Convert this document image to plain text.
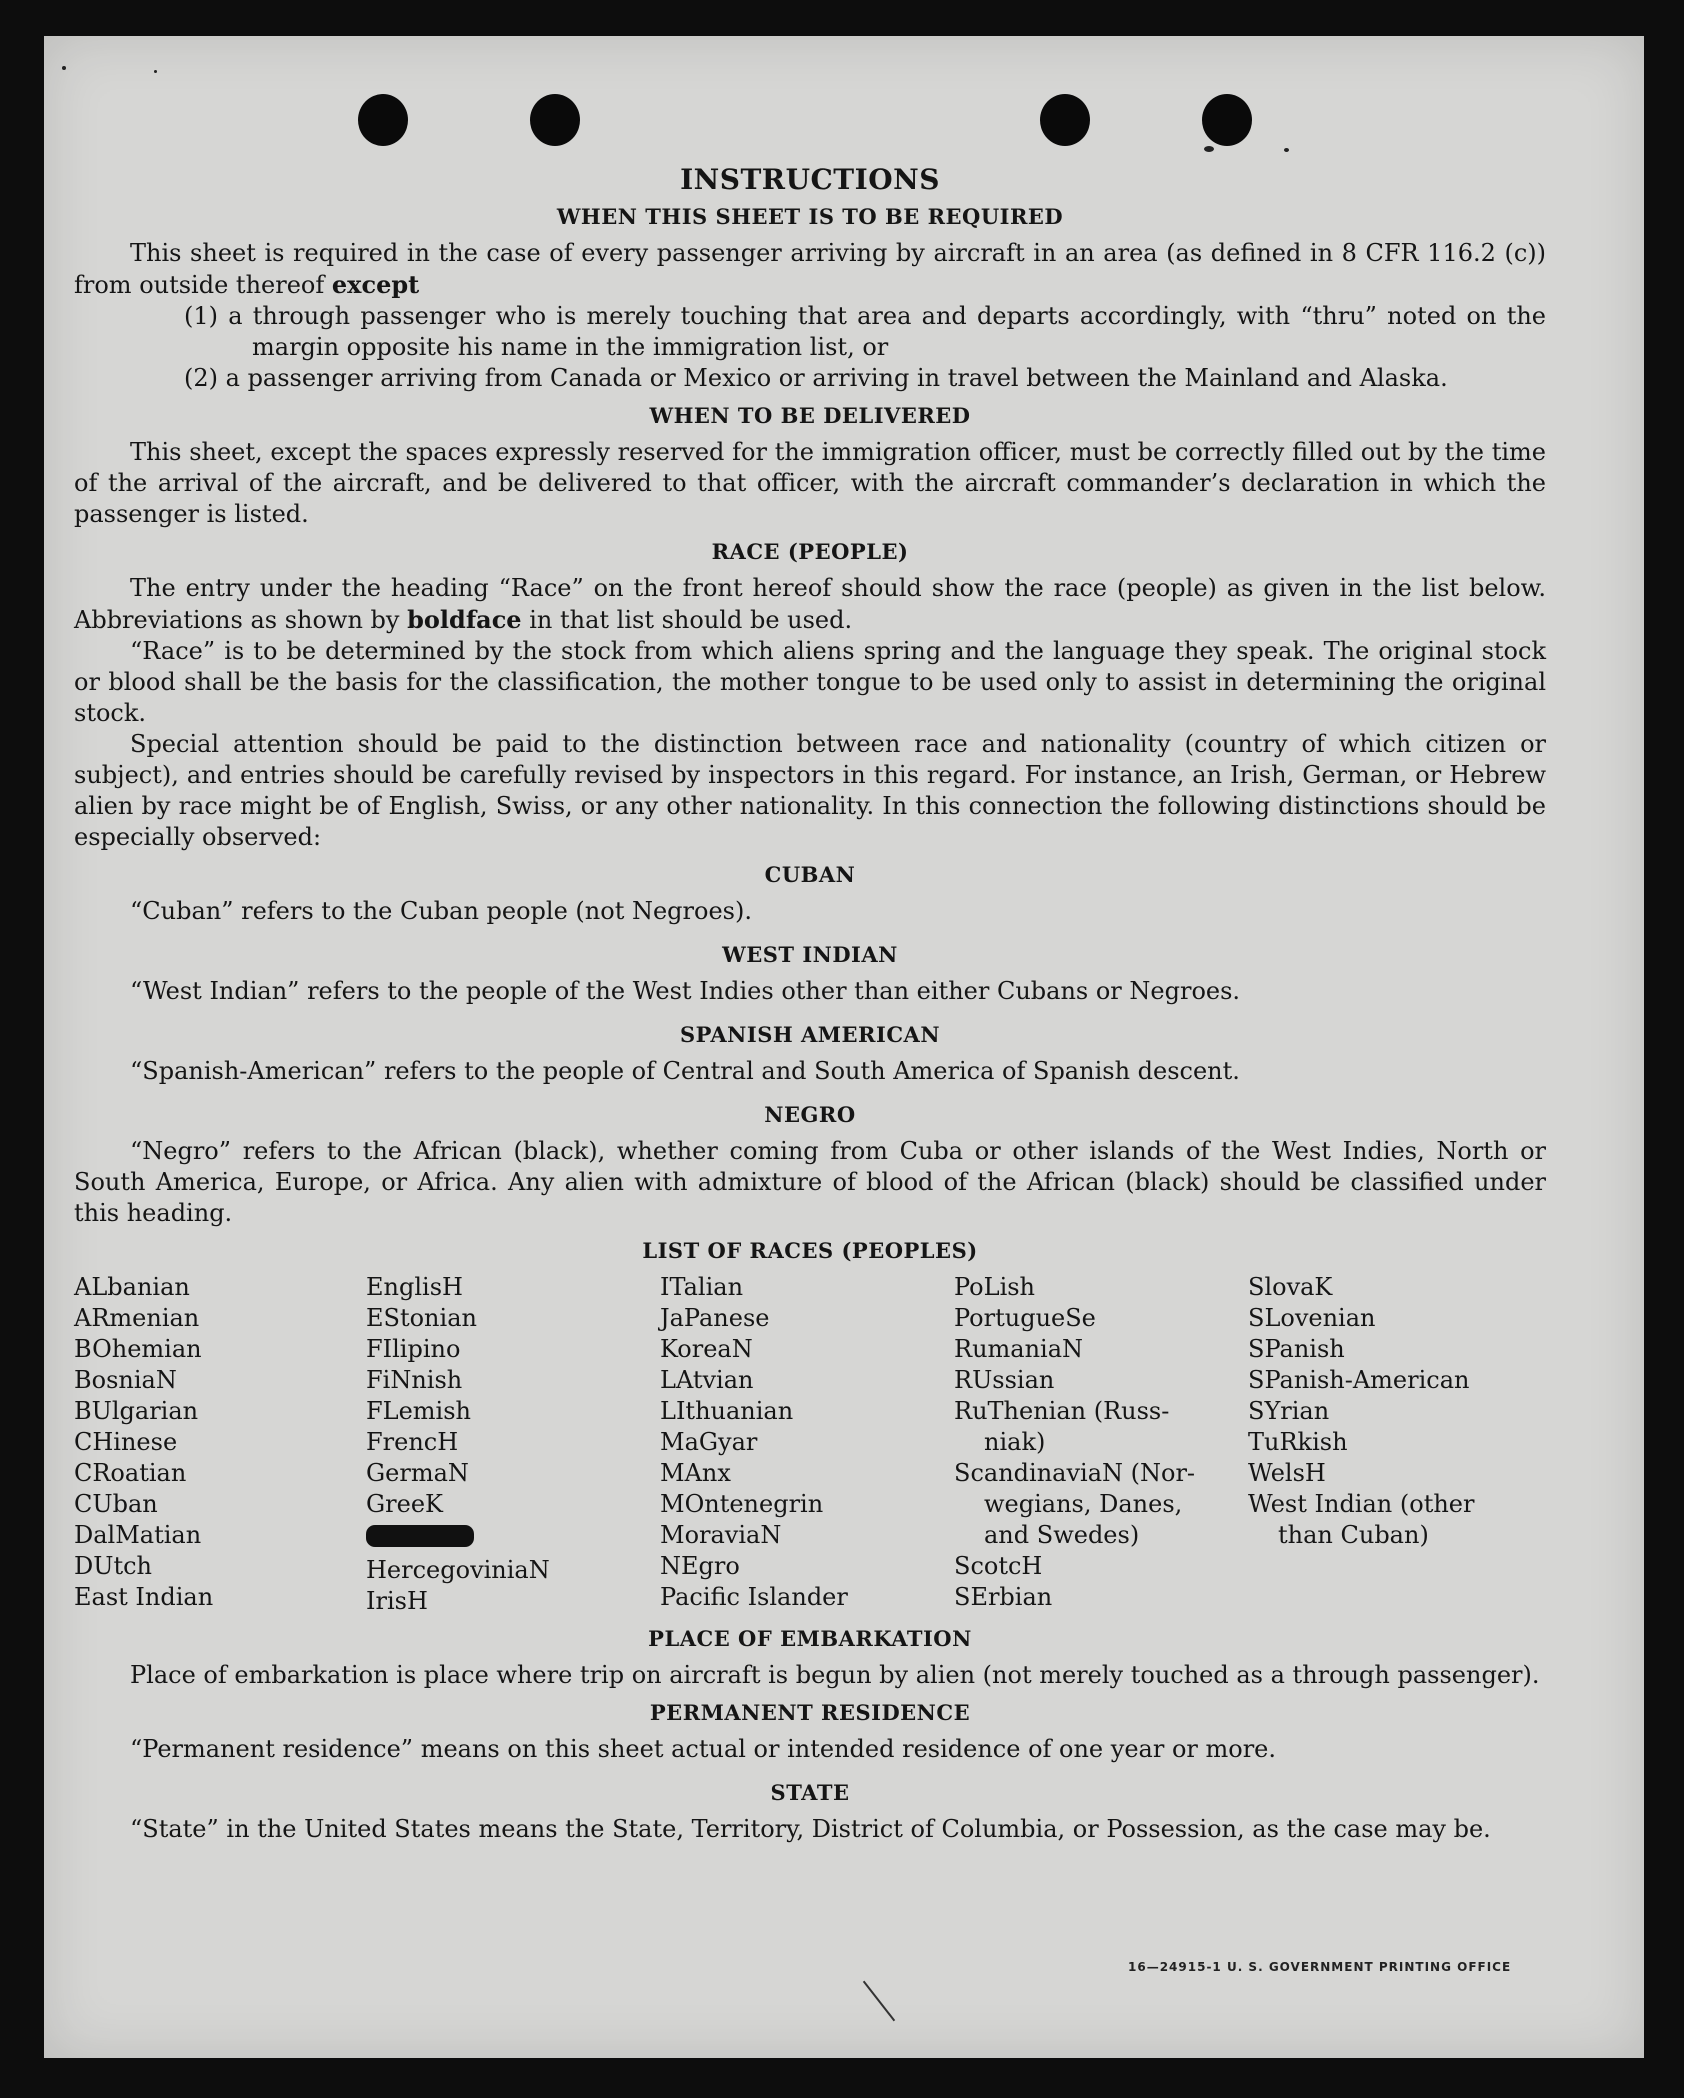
INSTRUCTIONS
WHEN THIS SHEET IS TO BE REQUIRED

This sheet is required in the case of every passenger arriving by aircraft in an area (as defined in 8 CFR 116.2 (c)) from outside thereof except

(1) a through passenger who is merely touching that area and departs accordingly, with “thru” noted on the margin opposite his name in the immigration list, or

(2) a passenger arriving from Canada or Mexico or arriving in travel between the Mainland and Alaska.

WHEN TO BE DELIVERED

This sheet, except the spaces expressly reserved for the immigration officer, must be correctly filled out by the time of the arrival of the aircraft, and be delivered to that officer, with the aircraft commander’s declaration in which the passenger is listed.

RACE (PEOPLE)

The entry under the heading “Race” on the front hereof should show the race (people) as given in the list below. Abbreviations as shown by boldface in that list should be used.

“Race” is to be determined by the stock from which aliens spring and the language they speak. The original stock or blood shall be the basis for the classification, the mother tongue to be used only to assist in determining the original stock.

Special attention should be paid to the distinction between race and nationality (country of which citizen or subject), and entries should be carefully revised by inspectors in this regard. For instance, an Irish, German, or Hebrew alien by race might be of English, Swiss, or any other nationality. In this connection the following distinctions should be especially observed:

CUBAN

“Cuban” refers to the Cuban people (not Negroes).

WEST INDIAN

“West Indian” refers to the people of the West Indies other than either Cubans or Negroes.

SPANISH AMERICAN

“Spanish-American” refers to the people of Central and South America of Spanish descent.

NEGRO

“Negro” refers to the African (black), whether coming from Cuba or other islands of the West Indies, North or South America, Europe, or Africa. Any alien with admixture of blood of the African (black) should be classified under this heading.

LIST OF RACES (PEOPLES)
ALbanian
ARmenian
BOhemian
BosniaN
BUlgarian
CHinese
CRoatian
CUban
DalMatian
DUtch
East Indian
EnglisH
EStonian
FIlipino
FiNnish
FLemish
FrencH
GermaN
GreeK
HercegoviniaN
IrisH
ITalian
JaPanese
KoreaN
LAtvian
LIthuanian
MaGyar
MAnx
MOntenegrin
MoraviaN
NEgro
Pacific Islander
PoLish
PortugueSe
RumaniaN
RUssian
RuThenian (Russ-
niak)
ScandinaviaN (Nor-
wegians, Danes,
and Swedes)
ScotcH
SErbian
SlovaK
SLovenian
SPanish
SPanish-American
SYrian
TuRkish
WelsH
West Indian (other
than Cuban)
PLACE OF EMBARKATION

Place of embarkation is place where trip on aircraft is begun by alien (not merely touched as a through passenger).

PERMANENT RESIDENCE

“Permanent residence” means on this sheet actual or intended residence of one year or more.

STATE

“State” in the United States means the State, Territory, District of Columbia, or Possession, as the case may be.

16—24915-1 U. S. GOVERNMENT PRINTING OFFICE
